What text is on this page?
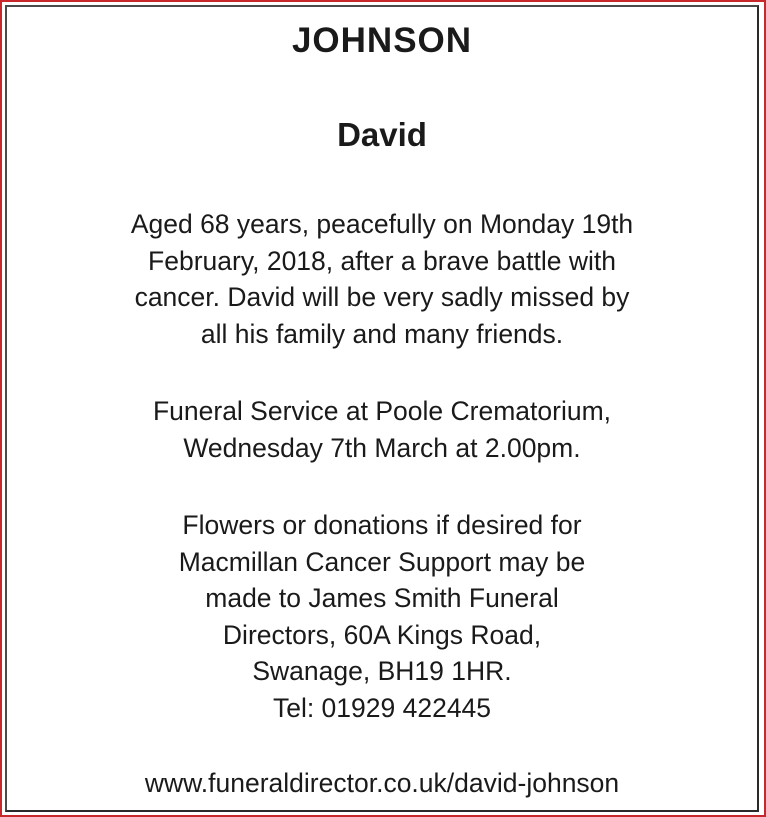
JOHNSON
David
Aged 68 years, peacefully on Monday 19th
February, 2018, after a brave battle with
cancer. David will be very sadly missed by
all his family and many friends.
Funeral Service at Poole Crematorium,
Wednesday 7th March at 2.00pm.
Flowers or donations if desired for
Macmillan Cancer Support may be
made to James Smith Funeral
Directors, 60A Kings Road,
Swanage, BH19 1HR.
Tel: 01929 422445
www.funeraldirector.co.uk/david-johnson
